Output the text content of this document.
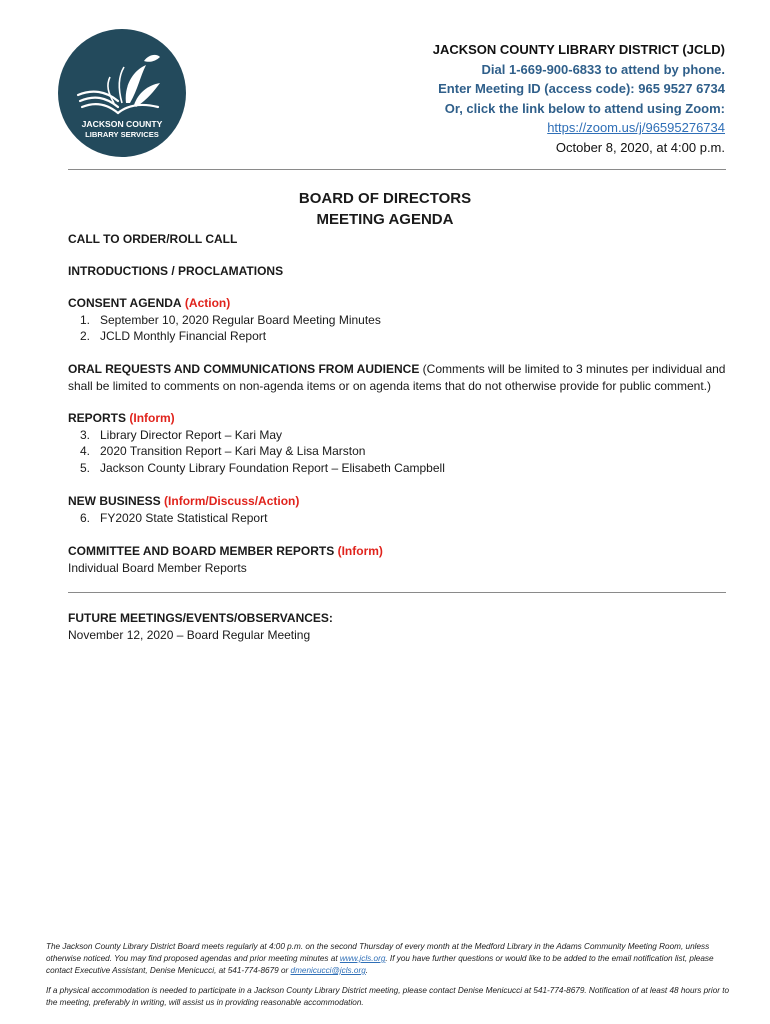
JACKSON COUNTY
LIBRARY SERVICES
JACKSON COUNTY LIBRARY DISTRICT (JCLD)
Dial 1-669-900-6833 to attend by phone.
Enter Meeting ID (access code): 965 9527 6734
Or, click the link below to attend using Zoom:
https://zoom.us/j/96595276734
October 8, 2020, at 4:00 p.m.
BOARD OF DIRECTORS
MEETING AGENDA
CALL TO ORDER/ROLL CALL
INTRODUCTIONS / PROCLAMATIONS
CONSENT AGENDA (Action)
1. September 10, 2020 Regular Board Meeting Minutes
2. JCLD Monthly Financial Report
ORAL REQUESTS AND COMMUNICATIONS FROM AUDIENCE (Comments will be limited to 3 minutes per individual and
shall be limited to comments on non-agenda items or on agenda items that do not otherwise provide for public comment.)
REPORTS (Inform)
3. Library Director Report – Kari May
4. 2020 Transition Report – Kari May & Lisa Marston
5. Jackson County Library Foundation Report – Elisabeth Campbell
NEW BUSINESS (Inform/Discuss/Action)
6. FY2020 State Statistical Report
COMMITTEE AND BOARD MEMBER REPORTS (Inform)
Individual Board Member Reports
FUTURE MEETINGS/EVENTS/OBSERVANCES:
November 12, 2020 – Board Regular Meeting
The Jackson County Library District Board meets regularly at 4:00 p.m. on the second Thursday of every month at the Medford Library in the Adams Community Meeting Room, unless otherwise noticed. You may find proposed agendas and prior meeting minutes at www.jcls.org. If you have further questions or would like to be added to the email notification list, please contact Executive Assistant, Denise Menicucci, at 541-774-8679 or dmenicucci@jcls.org.
If a physical accommodation is needed to participate in a Jackson County Library District meeting, please contact Denise Menicucci at 541-774-8679. Notification of at least 48 hours prior to the meeting, preferably in writing, will assist us in providing reasonable accommodation.
